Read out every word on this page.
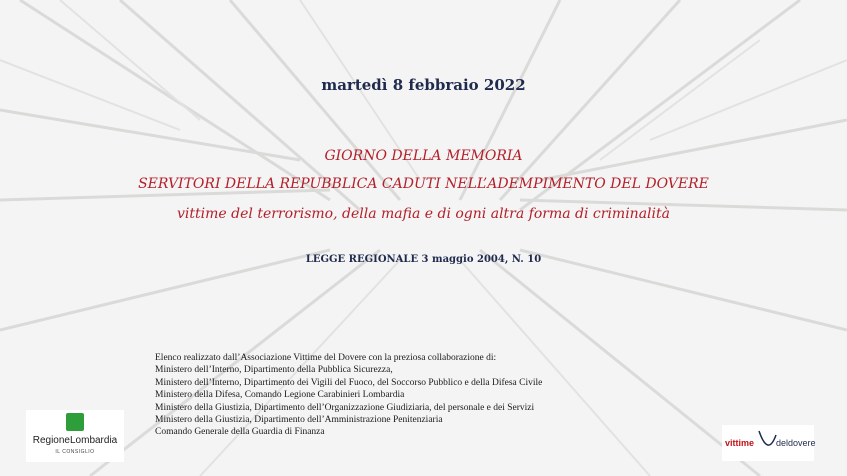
martedì 8 febbraio 2022
GIORNO DELLA MEMORIA
SERVITORI DELLA REPUBBLICA CADUTI NELL’ADEMPIMENTO DEL DOVERE
vittime del terrorismo, della mafia e di ogni altra forma di criminalità
LEGGE REGIONALE 3 maggio 2004, N. 10
Elenco realizzato dall’Associazione Vittime del Dovere con la preziosa collaborazione di:
Ministero dell’Interno, Dipartimento della Pubblica Sicurezza,
Ministero dell’Interno, Dipartimento dei Vigili del Fuoco, del Soccorso Pubblico e della Difesa Civile
Ministero della Difesa, Comando Legione Carabinieri Lombardia
Ministero della Giustizia, Dipartimento dell’Organizzazione Giudiziaria, del personale e dei Servizi
Ministero della Giustizia, Dipartimento dell’Amministrazione Penitenziaria
Comando Generale della Guardia di Finanza
RegioneLombardia
IL CONSIGLIO
vittime deldovere
